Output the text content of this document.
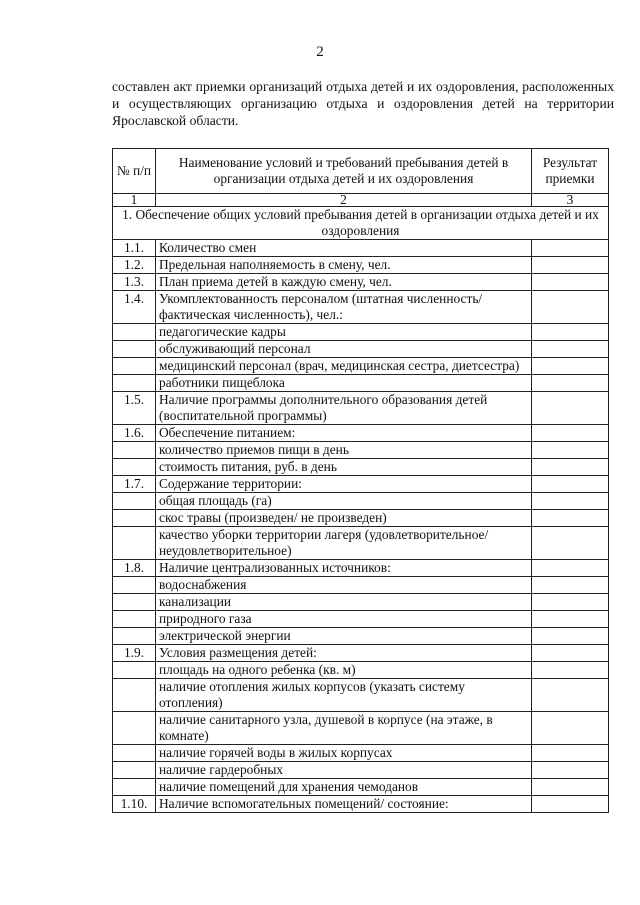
2
составлен акт приемки организаций отдыха детей и их оздоровления, расположенных и осуществляющих организацию отдыха и оздоровления детей на территории Ярославской области.
№ п/п	Наименование условий и требований пребывания детей в организации отдыха детей и их оздоровления	Результат приемки
1	2	3
1. Обеспечение общих условий пребывания детей в организации отдыха детей и их оздоровления		
1.1.	Количество смен	
1.2.	Предельная наполняемость в смену, чел.	
1.3.	План приема детей в каждую смену, чел.	
1.4.	Укомплектованность персоналом (штатная численность/ фактическая численность), чел.:	
	педагогические кадры	
	обслуживающий персонал	
	медицинский персонал (врач, медицинская сестра, диетсестра)	
	работники пищеблока	
1.5.	Наличие программы дополнительного образования детей (воспитательной программы)	
1.6.	Обеспечение питанием:	
	количество приемов пищи в день	
	стоимость питания, руб. в день	
1.7.	Содержание территории:	
	общая площадь (га)	
	скос травы (произведен/ не произведен)	
	качество уборки территории лагеря (удовлетворительное/неудовлетворительное)	
1.8.	Наличие централизованных источников:	
	водоснабжения	
	канализации	
	природного газа	
	электрической энергии	
1.9.	Условия размещения детей:	
	площадь на одного ребенка (кв. м)	
	наличие отопления жилых корпусов (указать систему отопления)	
	наличие санитарного узла, душевой в корпусе (на этаже, в комнате)	
	наличие горячей воды в жилых корпусах	
	наличие гардеробных	
	наличие помещений для хранения чемоданов	
1.10.	Наличие вспомогательных помещений/ состояние:	
